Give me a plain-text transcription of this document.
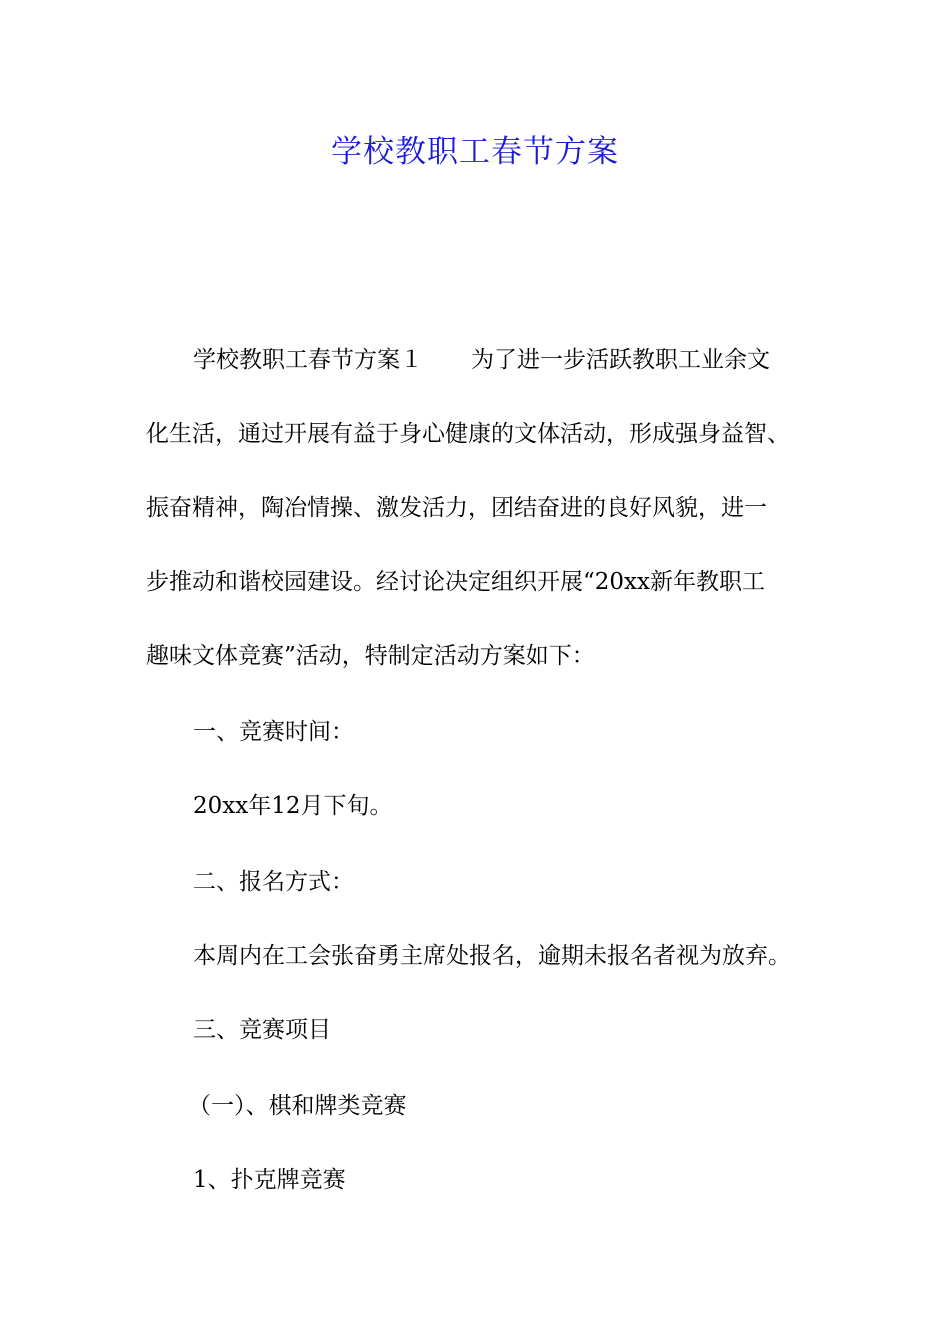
学校教职工春节方案

学校教职工春节方案１ 为了进一步活跃教职工业余文

化生活，通过开展有益于身心健康的文体活动，形成强身益智、

振奋精神，陶冶情操、激发活力，团结奋进的良好风貌，进一

步推动和谐校园建设。经讨论决定组织开展“20xx新年教职工

趣味文体竞赛”活动，特制定活动方案如下：

一、竞赛时间：

20xx年12月下旬。

二、报名方式：

本周内在工会张奋勇主席处报名，逾期未报名者视为放弃。

三、竞赛项目

（一）、棋和牌类竞赛

1、扑克牌竞赛
